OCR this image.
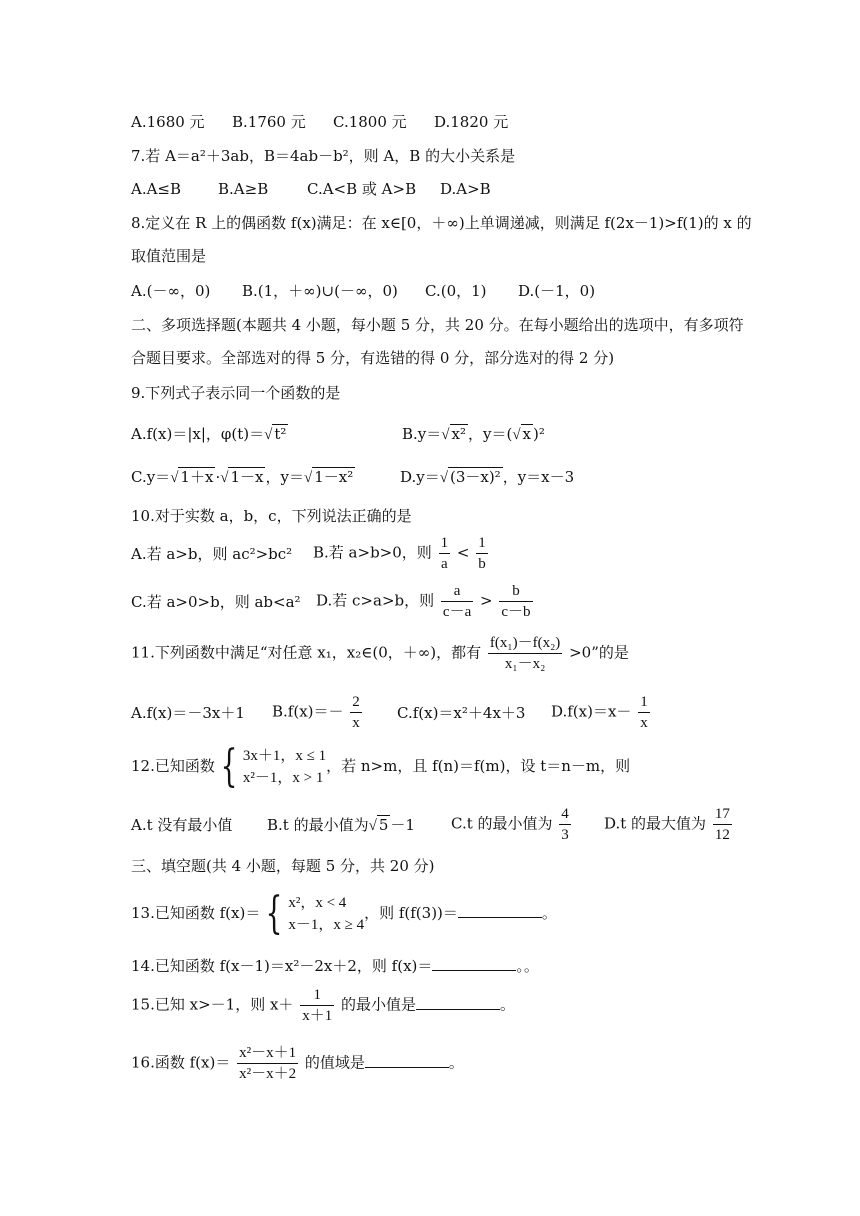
A.1680 元 B.1760 元 C.1800 元 D.1820 元
7.若 A＝a²＋3ab，B＝4ab－b²，则 A，B 的大小关系是
A.A≤B B.A≥B	C.A<B 或 A>B D.A>B
8.定义在 R 上的偶函数 f(x)满足：在 x∈[0，＋∞)上单调递减，则满足 f(2x－1)>f(1)的 x 的
取值范围是
A.(－∞，0) B.(1，＋∞)∪(－∞，0) C.(0，1) D.(－1，0)
二、多项选择题(本题共 4 小题，每小题 5 分，共 20 分。在每小题给出的选项中，有多项符
合题目要求。全部选对的得 5 分，有选错的得 0 分，部分选对的得 2 分)
9.下列式子表示同一个函数的是
A.f(x)＝|x|，φ(t)＝√ t²	B.y＝√ x² ，y＝(√ x )²
C.y＝√ 1＋x ·√ 1－x ，y＝√ 1－x²	D.y＝√ (3－x)² ，y＝x－3
10.对于实数 a，b，c，下列说法正确的是
A.若 a>b，则 ac²>bc² B.若 a>b>0，则 $\frac{1}{a} < \frac{1}{b}$
C.若 a>0>b，则 ab<a² D.若 c>a>b，则 $\frac{a}{c-a} > \frac{b}{c-b}$
11.下列函数中满足“对任意 x₁，x₂∈(0，＋∞)，都有 $\frac{\text{f(x₁)－f(x₂)}}{\text{x₁－x₂}} >0$”的是
A.f(x)＝－3x＋1 $B.f(x)=- \frac{2}{x} C.f(x)=x^2+4x+3$ $D.f(x)=x- \frac{1}{x}$
12.已知函数 { 3x＋1，x ≤ 1
x²－1，x > 1
，若 n>m，且 f(n)＝f(m)，设 t＝n－m，则
A.t 没有最小值 B.t 的最小值为√ 5 －1 C.t 的最小值为 $\frac{4}{3} D.t$ 的最大值为 $\frac{17}{12}$
三、填空题(共 4 小题，每题 5 分，共 20 分)
13.已知函数 f(x)＝ { x²，x < 4
x－1，x ≥ 4
，则 f(f(3))＝	。
14.已知函数 f(x－1)＝x²－2x＋2，则 f(x)＝	。。
15.已知 x>－1，则 $x+ \frac{1}{x+1}$ 的最小值是	。
16.函数 $f(x)= \frac{\text{x²－x＋1}}{\text{x²－x＋2}}$ 的值域是	。
